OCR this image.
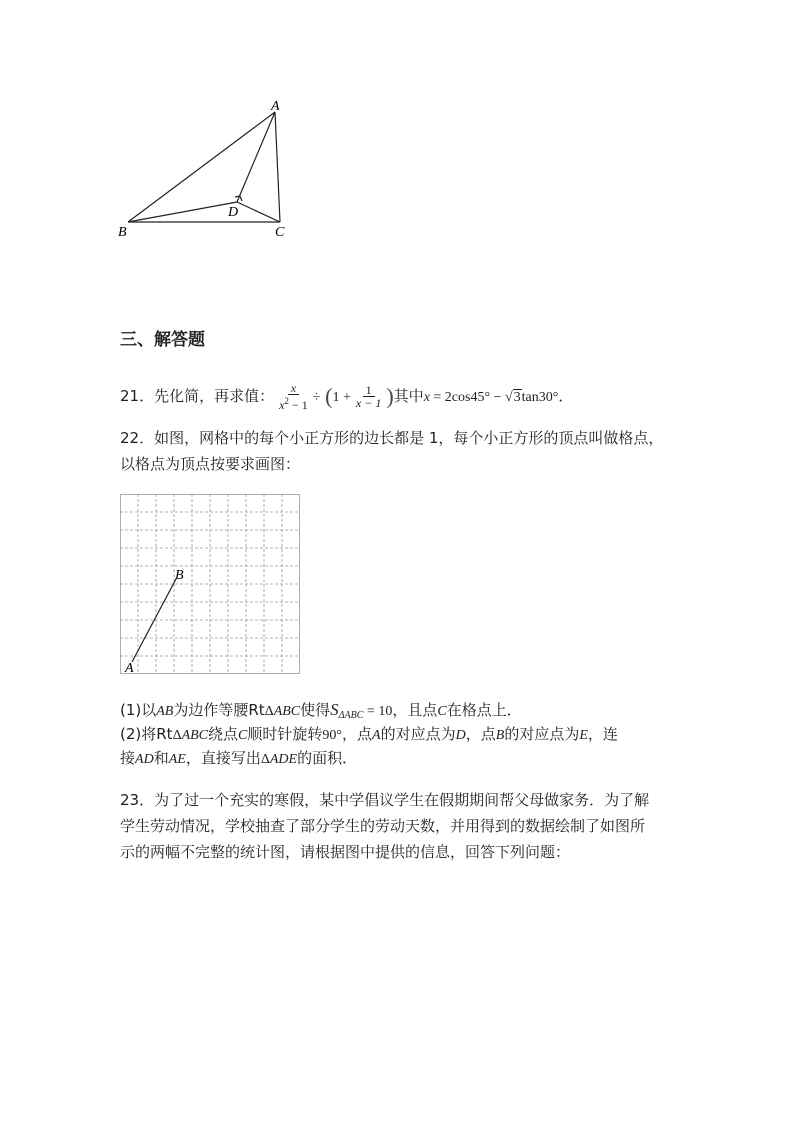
A
B	C
D
三、解答题
21．先化简，再求值： $\frac{x}{x^2 - 1} \div (1 + \frac{1}{x - 1}$ )其中x = 2cos45° − √3tan30°．
22．如图，网格中的每个小正方形的边长都是 1，每个小正方形的顶点叫做格点，
以格点为顶点按要求画图：
B
A
(1)以AB为边作等腰RtΔABC使得$S_{\Delta ABC} = 10$，且点C在格点上．
(2)将RtΔABC绕点C顺时针旋转90°，点A的对应点为D，点B的对应点为E，连
接AD和AE，直接写出ΔADE的面积．
23．为了过一个充实的寒假，某中学倡议学生在假期期间帮父母做家务．为了解
学生劳动情况，学校抽查了部分学生的劳动天数，并用得到的数据绘制了如图所
示的两幅不完整的统计图，请根据图中提供的信息，回答下列问题：
